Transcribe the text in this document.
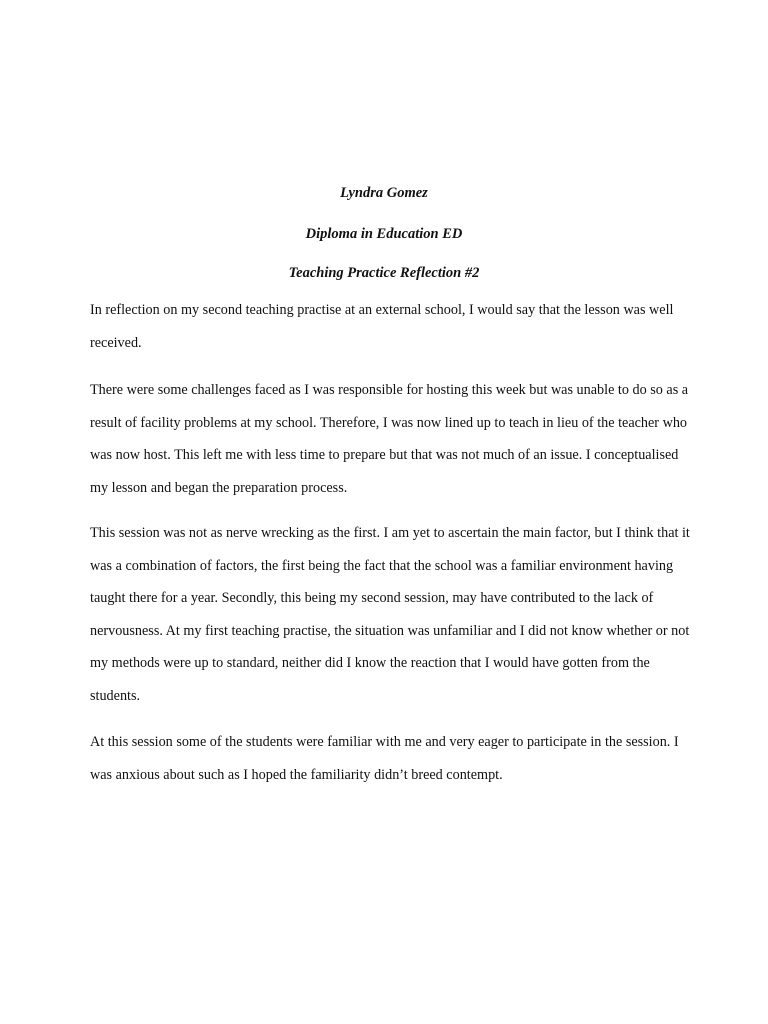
Lyndra Gomez
Diploma in Education ED
Teaching Practice Reflection #2

In reflection on my second teaching practise at an external school, I would say that the lesson was well received.

There were some challenges faced as I was responsible for hosting this week but was unable to do so as a result of facility problems at my school. Therefore, I was now lined up to teach in lieu of the teacher who was now host. This left me with less time to prepare but that was not much of an issue. I conceptualised my lesson and began the preparation process.

This session was not as nerve wrecking as the first. I am yet to ascertain the main factor, but I think that it was a combination of factors, the first being the fact that the school was a familiar environment having taught there for a year. Secondly, this being my second session, may have contributed to the lack of nervousness. At my first teaching practise, the situation was unfamiliar and I did not know whether or not my methods were up to standard, neither did I know the reaction that I would have gotten from the students.

At this session some of the students were familiar with me and very eager to participate in the session. I was anxious about such as I hoped the familiarity didn’t breed contempt.
